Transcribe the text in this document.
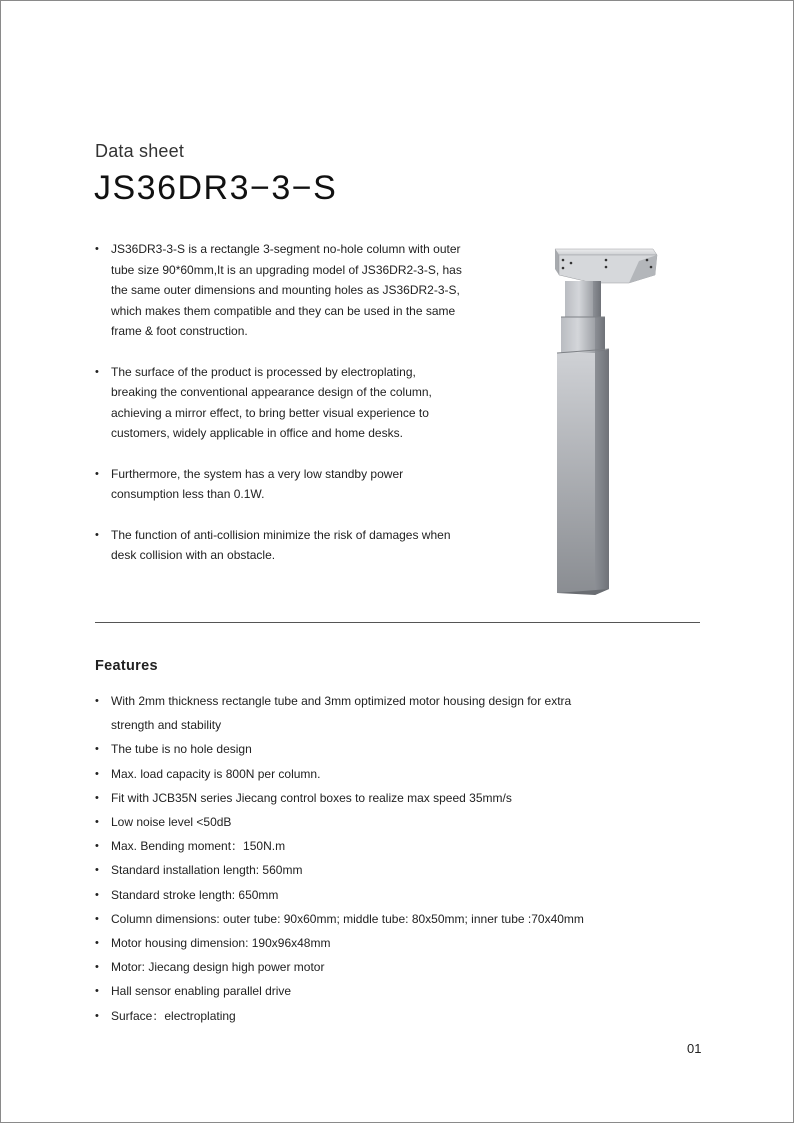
Data sheet
JS36DR3−3−S
• JS36DR3-3-S is a rectangle 3-segment no-hole column with outer tube size 90*60mm,It is an upgrading model of JS36DR2-3-S, has the same outer dimensions and mounting holes as JS36DR2-3-S, which makes them compatible and they can be used in the same frame & foot construction.
• The surface of the product is processed by electroplating, breaking the conventional appearance design of the column, achieving a mirror effect, to bring better visual experience to customers, widely applicable in office and home desks.
• Furthermore, the system has a very low standby power consumption less than 0.1W.
• The function of anti-collision minimize the risk of damages when desk collision with an obstacle.
Features
• With 2mm thickness rectangle tube and 3mm optimized motor housing design for extra strength and stability
• The tube is no hole design
• Max. load capacity is 800N per column.
• Fit with JCB35N series Jiecang control boxes to realize max speed 35mm/s
• Low noise level <50dB
• Max. Bending moment：150N.m
• Standard installation length: 560mm
• Standard stroke length: 650mm
• Column dimensions: outer tube: 90x60mm; middle tube: 80x50mm; inner tube :70x40mm
• Motor housing dimension: 190x96x48mm
• Motor: Jiecang design high power motor
• Hall sensor enabling parallel drive
• Surface：electroplating
01
